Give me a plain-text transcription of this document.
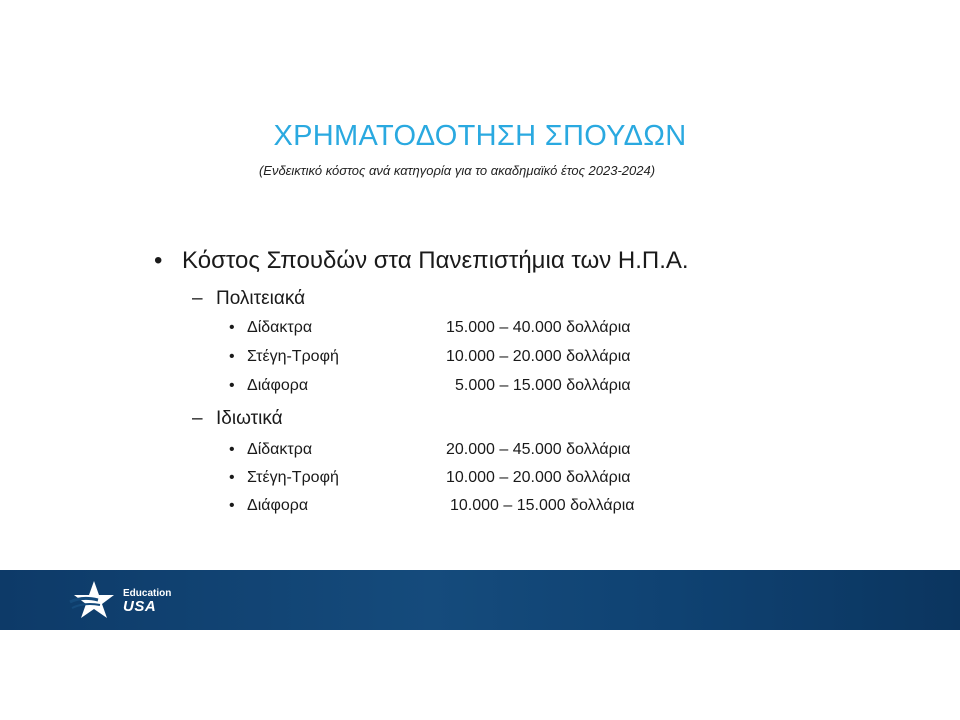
ΧΡΗΜΑΤΟΔΟΤΗΣΗ ΣΠΟΥΔΩΝ
(Ενδεικτικό κόστος ανά κατηγορία για το ακαδημαϊκό έτος 2023-2024)
• Κόστος Σπουδών στα Πανεπιστήμια των Η.Π.Α.
– Πολιτειακά
• Δίδακτρα	15.000 – 40.000 δολλάρια
• Στέγη-Τροφή	10.000 – 20.000 δολλάρια
• Διάφορα	5.000 – 15.000 δολλάρια
– Ιδιωτικά
• Δίδακτρα	20.000 – 45.000 δολλάρια
• Στέγη-Τροφή	10.000 – 20.000 δολλάρια
• Διάφορα	10.000 – 15.000 δολλάρια
Education
USA
